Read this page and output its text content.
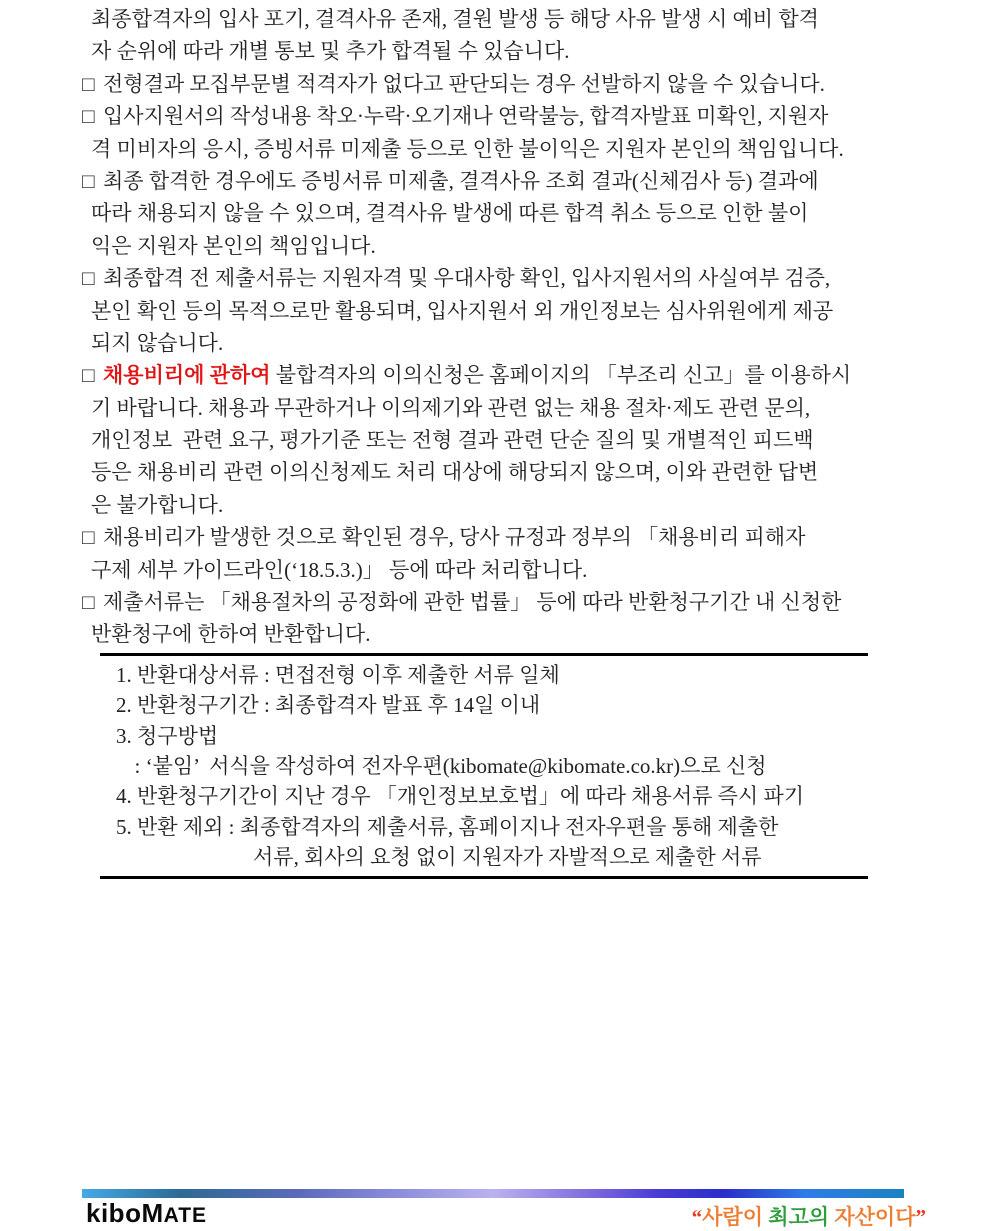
최종합격자의 입사 포기, 결격사유 존재, 결원 발생 등 해당 사유 발생 시 예비 합격
자 순위에 따라 개별 통보 및 추가 합격될 수 있습니다.
□ 전형결과 모집부문별 적격자가 없다고 판단되는 경우 선발하지 않을 수 있습니다.
□ 입사지원서의 작성내용 착오·누락·오기재나 연락불능, 합격자발표 미확인, 지원자
격 미비자의 응시, 증빙서류 미제출 등으로 인한 불이익은 지원자 본인의 책임입니다.
□ 최종 합격한 경우에도 증빙서류 미제출, 결격사유 조회 결과(신체검사 등) 결과에
따라 채용되지 않을 수 있으며, 결격사유 발생에 따른 합격 취소 등으로 인한 불이
익은 지원자 본인의 책임입니다.
□ 최종합격 전 제출서류는 지원자격 및 우대사항 확인, 입사지원서의 사실여부 검증,
본인 확인 등의 목적으로만 활용되며, 입사지원서 외 개인정보는 심사위원에게 제공
되지 않습니다.
□ 채용비리에 관하여 불합격자의 이의신청은 홈페이지의 「부조리 신고」를 이용하시
기 바랍니다. 채용과 무관하거나 이의제기와 관련 없는 채용 절차·제도 관련 문의,
개인정보  관련 요구, 평가기준 또는 전형 결과 관련 단순 질의 및 개별적인 피드백
등은 채용비리 관련 이의신청제도 처리 대상에 해당되지 않으며, 이와 관련한 답변
은 불가합니다.
□ 채용비리가 발생한 것으로 확인된 경우, 당사 규정과 정부의 「채용비리 피해자
구제 세부 가이드라인(‘18.5.3.)」 등에 따라 처리합니다.
□ 제출서류는 「채용절차의 공정화에 관한 법률」 등에 따라 반환청구기간 내 신청한
반환청구에 한하여 반환합니다.
1. 반환대상서류 : 면접전형 이후 제출한 서류 일체
2. 반환청구기간 : 최종합격자 발표 후 14일 이내
3. 청구방법
: ‘붙임’  서식을 작성하여 전자우편(kibomate@kibomate.co.kr)으로 신청
4. 반환청구기간이 지난 경우 「개인정보보호법」에 따라 채용서류 즉시 파기
5. 반환 제외 : 최종합격자의 제출서류, 홈페이지나 전자우편을 통해 제출한
서류, 회사의 요청 없이 지원자가 자발적으로 제출한 서류
kiboMATE	“사람이 최고의 자산이다”
